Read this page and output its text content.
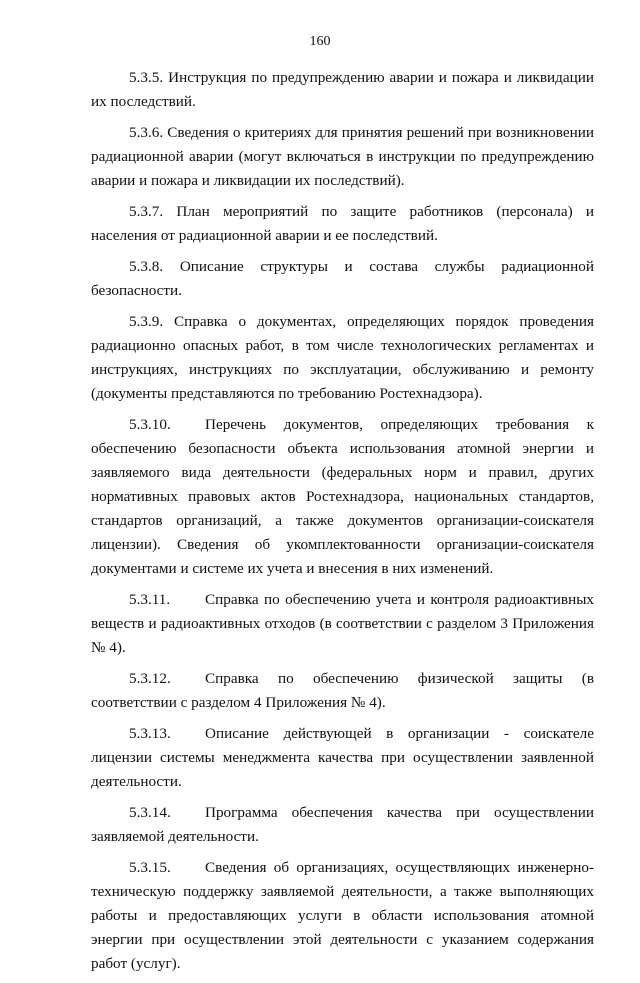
160

5.3.5. Инструкция по предупреждению аварии и пожара и ликвидации их последствий.

5.3.6. Сведения о критериях для принятия решений при возникновении радиационной аварии (могут включаться в инструкции по предупреждению аварии и пожара и ликвидации их последствий).

5.3.7. План мероприятий по защите работников (персонала) и населения от радиационной аварии и ее последствий.

5.3.8. Описание структуры и состава службы радиационной безопасности.

5.3.9. Справка о документах, определяющих порядок проведения радиационно опасных работ, в том числе технологических регламентах и инструкциях, инструкциях по эксплуатации, обслуживанию и ремонту (документы представляются по требованию Ростехнадзора).

5.3.10. Перечень документов, определяющих требования к обеспечению безопасности объекта использования атомной энергии и заявляемого вида деятельности (федеральных норм и правил, других нормативных правовых актов Ростехнадзора, национальных стандартов, стандартов организаций, а также документов организации-соискателя лицензии). Сведения об укомплектованности организации-соискателя документами и системе их учета и внесения в них изменений.

5.3.11. Справка по обеспечению учета и контроля радиоактивных веществ и радиоактивных отходов (в соответствии с разделом 3 Приложения № 4).

5.3.12. Справка по обеспечению физической защиты (в соответствии с разделом 4 Приложения № 4).

5.3.13. Описание действующей в организации - соискателе лицензии системы менеджмента качества при осуществлении заявленной деятельности.

5.3.14. Программа обеспечения качества при осуществлении заявляемой деятельности.

5.3.15. Сведения об организациях, осуществляющих инженерно-техническую поддержку заявляемой деятельности, а также выполняющих работы и предоставляющих услуги в области использования атомной энергии при осуществлении этой деятельности с указанием содержания работ (услуг).
